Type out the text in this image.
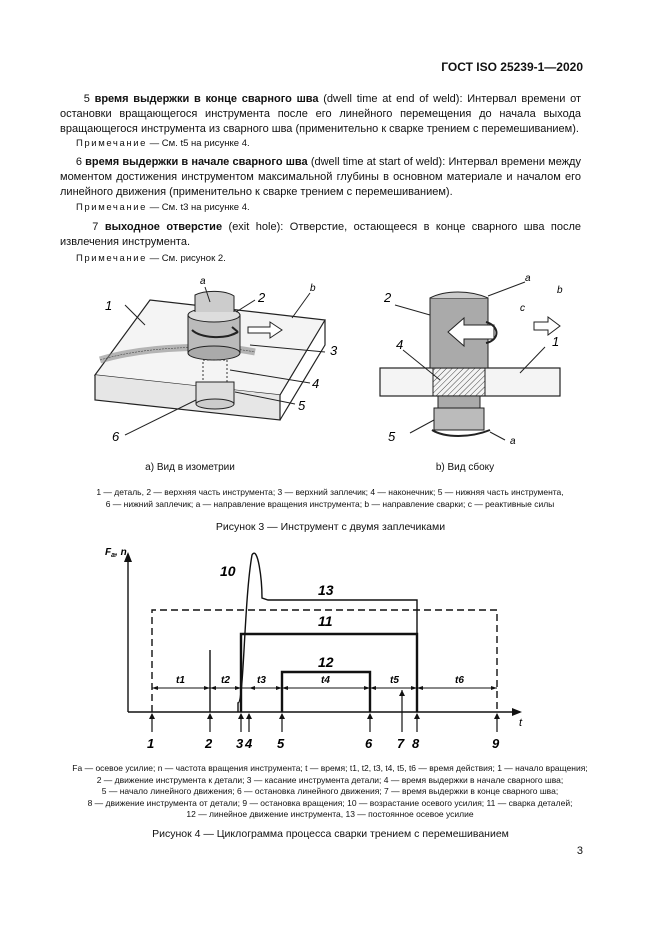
ГОСТ ISO 25239-1—2020
5 время выдержки в конце сварного шва (dwell time at end of weld): Интервал времени от остановки вращающегося инструмента после его линейного перемещения до начала выхода вращающегося инструмента из сварного шва (применительно к сварке трением с перемешиванием).
Примечание — См. t5 на рисунке 4.
6 время выдержки в начале сварного шва (dwell time at start of weld): Интервал времени между моментом достижения инструментом максимальной глубины в основном материале и началом его линейного движения (применительно к сварке трением с перемешиванием).
Примечание — См. t3 на рисунке 4.
7 выходное отверстие (exit hole): Отверстие, остающееся в конце сварного шва после извлечения инструмента.
Примечание — См. рисунок 2.
1
2
3
4
5
6
a
b
2
4
5
1
a
a
b
c
а) Вид в изометрии	b) Вид сбоку
1 — деталь, 2 — верхняя часть инструмента; 3 — верхний заплечик; 4 — наконечник; 5 — нижняя часть инструмента,
6 — нижний заплечик; a — направление вращения инструмента; b — направление сварки; c — реактивные силы
Рисунок 3 — Инструмент с двумя заплечиками
$F_a$, n
t
t1	t2	t3	t4	t5	t6
10
11
12
13
1	2 3 4 5	6 7 8	9
Fa — осевое усилие; n — частота вращения инструмента; t — время; t1, t2, t3, t4, t5, t6 — время действия; 1 — начало вращения;
2 — движение инструмента к детали; 3 — касание инструмента детали; 4 — время выдержки в начале сварного шва;
5 — начало линейного движения; 6 — остановка линейного движения; 7 — время выдержки в конце сварного шва;
8 — движение инструмента от детали; 9 — остановка вращения; 10 — возрастание осевого усилия; 11 — сварка деталей;
12 — линейное движение инструмента, 13 — постоянное осевое усилие
Рисунок 4 — Циклограмма процесса сварки трением с перемешиванием
3
